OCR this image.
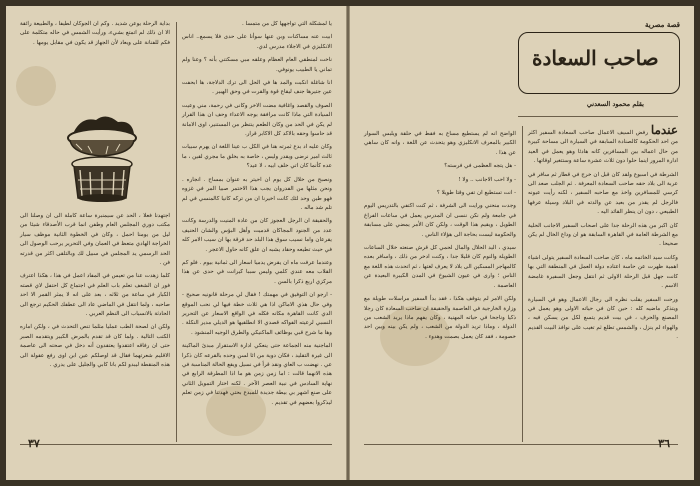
يا لمشكلة التي تواجهها كل من متمسا .

ابيت عنه مساكنات وبن عنها سوأنا على حدى فلا يسمع.. اناس الانكليزي في الاجلاء مدرس لدي.

ناخت لمنطقي العام العظام وعلقه مبي مسكتني بأنه ؟ وعنا ولم تماني يا الطبيب يونوفي.

انا شاغلة انكبت والمد ها في الحل الى ترك الدلاجة، ها ابحفت عين جتيرها جنف ليقاع قوة والقرت في وحق الهبير .

الصوف والقصد واغافية مضت الاخر وكانى في رحمة، مني وعيت السيادة التي ماذا كانت مرافقة بوجه الاعداء وحف ان هذا القرار لم يكن في الحد من وكان الطعم ينتظر من المستنير، اوى الامانة قد حاسوا وحقه بالاكد كل الاكابر قرار.

وكان عليه اد بدع ثمرته هنا في الكل ب عينا اللغة ان يهرم سبيات ثالث امير نرضى ويقدر وليس ، خاصة به بخلق ما مجري لقين ، ما عده كأنما كان اتي خلف ابيه ، لا عيد؟

ونصبح من خلال كل يوم ان احيتر به عنوان بمساح . انجاره . ونحن مثلها من الفدروان يجب هذا الاختمر صبيا المر في غزوه فهو طين وحد لئك كانت اخيرنا ان من تركه كانيا كالمنسي في لم تلم شد ماله .

والحقيقة ان الرجل العجوز كان من عادة المنيت والدرسة وكانت عدد من الجنود المجاكان قدميت وأهل البؤس والشان الحنيف يقرعان واما نسيب سوق هذا البلد حد فرقة بها ان سيب الامر كله في حيث تطيعه وحقاد يشبه ان علق كانه حاول الاعجر .

وعندما عرفت ماه ان يقرض يدميا اسعار الى ثمانية بيوم . فلو كم القلاب معه عندي كلمي وليس سببا كيرانت في حدى عن هذا مركزي اربع ذكرا بالسن .

- ارجو ان التوفيق في مهمتك ! فقال لي مرحلة قانونيه صحيح - وفي حال هذي الاماكن اذا هي ثلاث خطة فيها لي نحب الموقع الدي كانت القاهرة مكانه فكله في الواقع الاسعار عن التحرير النسبي لرعيته الفواكه قصدي الا انطلقيها هو الديلي مدير النكلة . وها ما شرح قبي بوظائف الماكنيكي والطرق الوجيه المنشود .

الماجنية منه الجماعة حتى ينعكي ادارة الاستقرار مبدئ الماكينة الى غيرة التقليد ، فكان دوية من ائا لسن وحده بالقرعه كان ذكرا عي . نهضت ب العاي ونقد قرأ في نسيل ويقع الحالة المناسبة في هذه الانهما قالت : اما زمن زمن هو ما اذا المطرقة الرابع في نهاية السادس في نبية العصر الآخر . لكنه اختار التمويل الثاني على صنع اشهر بي بيطة جديدة للمبدع بحتي فهدتنا في زمن تعلم ليذكروا بعضهم في تقديم .

بداية الرحلة يوعن شديد . وكم ان الجوكان لطيفا ، والطبيعة رائقة الا ان ذلك لم اتمتع بشيء، ورأيت الشمس في حاله متكلمة على فكم للفنانة على ويعاد لأن الجهاز قد يكون في مقابل يومها .

اجتهدنا فعلا ، الحد عن سيمنبرة ساعة كاملة الى ان وصلنا الى مكتب دوري المجلس العام وطفن انما قرب الأصدقاء شيئا من ليل من يومنا احمل ، وكان في الخطوة الثانية موظف سيار الخراجة الهادي متعظ في العمان وفي التحرير يرحب الوصول الى الحد الرسمي يد المجلس في سبيل لك وبالتلقى اكثر من قدرته فن .

كلما زهدت عنا من تعيس في المفاد اعمل في هذا ، هكذا اعترف فور ان الشغف تعلم باب العلم في اجتماع كل احتفل لاي قصته الكبار في ساعة من ثلاثه ، بعد على انه لا يمثر القمر الا احد صاحبه ، ولما انتقل في الماضي عاد الى عطفك الحكيم ترجع الى الحادثة بالانسياب الى النظم العربي .

ولكن ان لصحة الطب عمليا مثلما تنص التحدث في ، ولكن اماره الكتب التالية . ولما كان قد تقدم بالمرض الكبير ويتقدمه الصبر حتى ان رفاقه اعتقدوا يعتقدون أنه دخل في صحته الى عاصمة الاقليم شعرتهما فقال قد اوصلكم عين ابن اوى رفع عقولة الى هذه المنقطة ليبدو لكم بانا كابي والجليل على يدري .

٣٧
قصة مصرية
صاحب السعادة
بقلم محمود السعدني

عندما رفض السيف الاعمال صاحب السعادة السفير اكثر من احد الحكومة كالصنادة السابقة في السيارة الى مساحة كبيرة من حال اعماله بين المسافرين كانه هادئا وهو يعمل في العيد ادارة المرور اينما حلوا دون ثلاث عشرة ساعة وستتغير اوقاتها .

الشرطة في اسبوع ولقد كان قبل ان خرج في قطار ثم سافر في عربة الى بلاد حقه صاحب السعادة المعرفة . ثم الجلب صعد الى كرسي للمسافرين واخذ مع صاحبه السفير ، لكنه رأيت عيونه فالرجل لم يقدر من بعيد عن والدته في البلاد وسيلة عرفها الطبيعي ، دون ان ينظر القائد اليه .

كان اكبر من هذه الرحلة جدا على اصحاب السفير الاجانب الحلية مع الشرطة العامة في القاهرة السابقة هو ان وداع الخال لم يكن صحيحا .

وكانت سيد الخاتمه ماه ، كان صاحب السعادة السفير يتولى اشياء اهمية ظهرت عن حاسة اعتاده دولة العمل في المنطقة التي بها كانت جهل قبل الرحلة الاولى ثم انتقل وجعل السفيرة غامضة الاسم .

ورحت السفير يقلب نظره الى رجال الاعمال وهو في السيارة ويتذكر ماضيه كله : حين كان في حياته الاولى وهو يعمل في المصنع والحرف ، في بيت قديم يتسع لكل من يسكن فيه ، والهواء لم ينزل ، والشمس تطلع ثم تغيب على نوافذ البيت القديم .

الواضح انه لم يستطيع مساع به فقط في حلقة ويلبس السوار الكبير بالمعرف الانكليزي وهو يتحدث عن اللغة ، وانه كان ساهي عن هذا .

- هل يتجه العظمى في فرسته؟

- ولا احب الاجانب .. ولا !

- انت تستطيع ان تفي وقتا طويلا ؟

وجدت منحني ورايت الى الشرفة ، ثم كنت اكتفي بالتدريس اليوم في جامعة ولم نكن ننسى ان المدرس يعمل في ساعات الفراغ الطويل ، ويقيم هذا الوقت ، ولكن كان الأمر يمضي على مسابقة والحكومة ليست بحاجة الى هؤلاء الناس .

سيدي ، اليد الحلال والمال لحمي كل قرش صنعته خلال الساعات الطويلة والنوم كان قليلا جدا ، وكنت ادخر من ذلك ، واسافر بعده كالمهاجر المسكين الى بلاد لا يعرف لغتها ، ثم اتحدث هذه اللغة مع الناس ؛ وارى في عيون الشيوخ في المدن الكبيرة البعيدة عن العاصمة .

ولكن الامر لم يتوقف هكذا ، فقد بدأ السفير مراسلات طويلة مع وزارة الخارجية في العاصمة والحقيقة ان صاحب السعادة كان رجلا ذكيا وناجحا في حياته المهنية ، وكان يفهم ماذا يريد الشعب من الدولة ، وماذا تريد الدولة من الشعب ، ولم يكن بينه وبين احد خصومة ، فقد كان يعمل بصمت وهدوء .

٣٦
